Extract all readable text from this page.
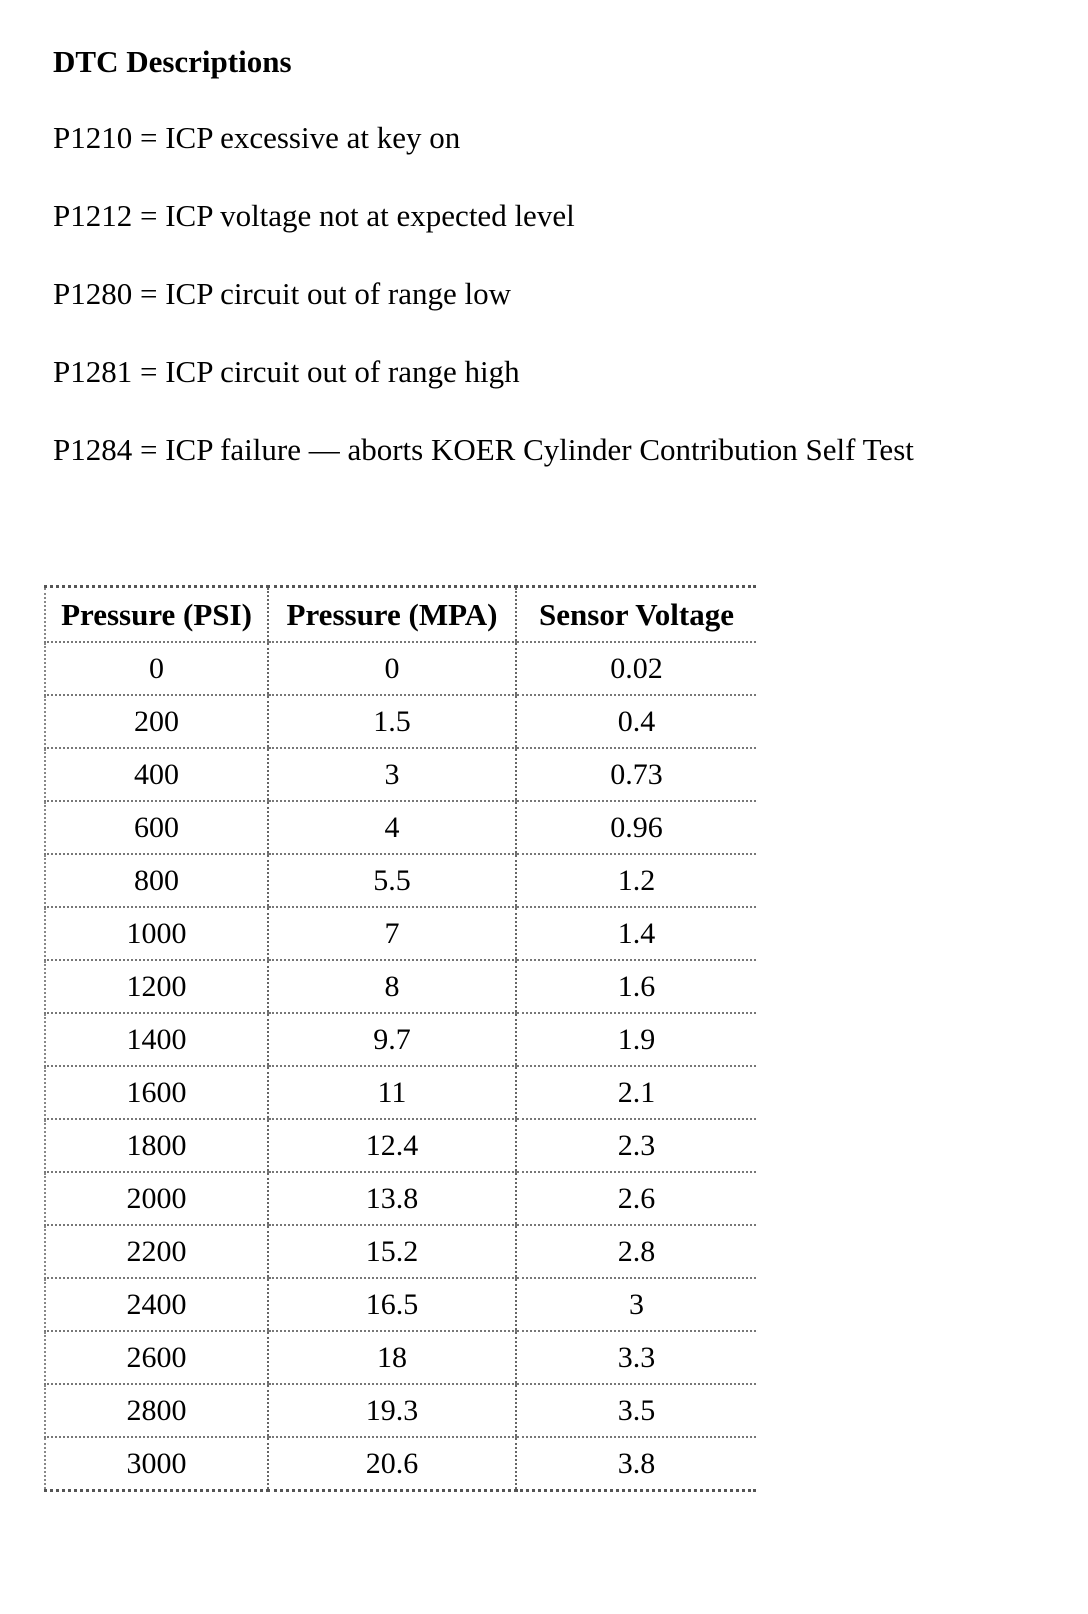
DTC Descriptions
P1210 = ICP excessive at key on
P1212 = ICP voltage not at expected level
P1280 = ICP circuit out of range low
P1281 = ICP circuit out of range high
P1284 = ICP failure — aborts KOER Cylinder Contribution Self Test
Pressure (PSI)	Pressure (MPA)	Sensor Voltage
0	0	0.02
200	1.5	0.4
400	3	0.73
600	4	0.96
800	5.5	1.2
1000	7	1.4
1200	8	1.6
1400	9.7	1.9
1600	11	2.1
1800	12.4	2.3
2000	13.8	2.6
2200	15.2	2.8
2400	16.5	3
2600	18	3.3
2800	19.3	3.5
3000	20.6	3.8
